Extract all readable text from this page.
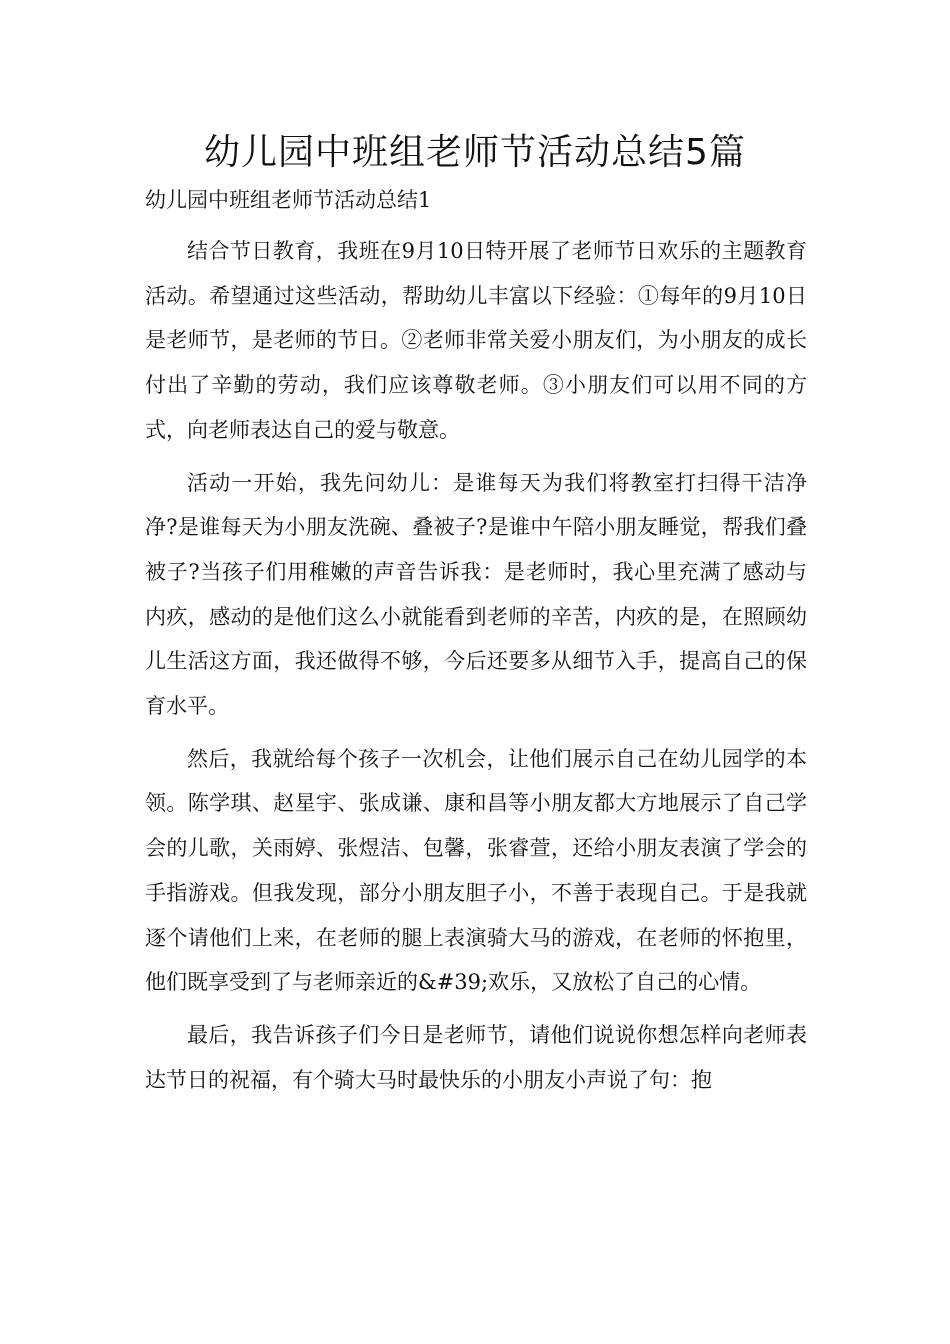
幼儿园中班组老师节活动总结5篇
幼儿园中班组老师节活动总结1

结合节日教育，我班在9月10日特开展了老师节日欢乐的主题教育活动。希望通过这些活动，帮助幼儿丰富以下经验：①每年的9月10日是老师节，是老师的节日。②老师非常关爱小朋友们，为小朋友的成长付出了辛勤的劳动，我们应该尊敬老师。③小朋友们可以用不同的方式，向老师表达自己的爱与敬意。

活动一开始，我先问幼儿：是谁每天为我们将教室打扫得干洁净净?是谁每天为小朋友洗碗、叠被子?是谁中午陪小朋友睡觉，帮我们叠被子?当孩子们用稚嫩的声音告诉我：是老师时，我心里充满了感动与内疚，感动的是他们这么小就能看到老师的辛苦，内疚的是，在照顾幼儿生活这方面，我还做得不够，今后还要多从细节入手，提高自己的保育水平。

然后，我就给每个孩子一次机会，让他们展示自己在幼儿园学的本领。陈学琪、赵星宇、张成谦、康和昌等小朋友都大方地展示了自己学会的儿歌，关雨婷、张煜洁、包馨，张睿萱，还给小朋友表演了学会的手指游戏。但我发现，部分小朋友胆子小，不善于表现自己。于是我就逐个请他们上来，在老师的腿上表演骑大马的游戏，在老师的怀抱里，他们既享受到了与老师亲近的&#39;欢乐，又放松了自己的心情。

最后，我告诉孩子们今日是老师节，请他们说说你想怎样向老师表达节日的祝福，有个骑大马时最快乐的小朋友小声说了句：抱
